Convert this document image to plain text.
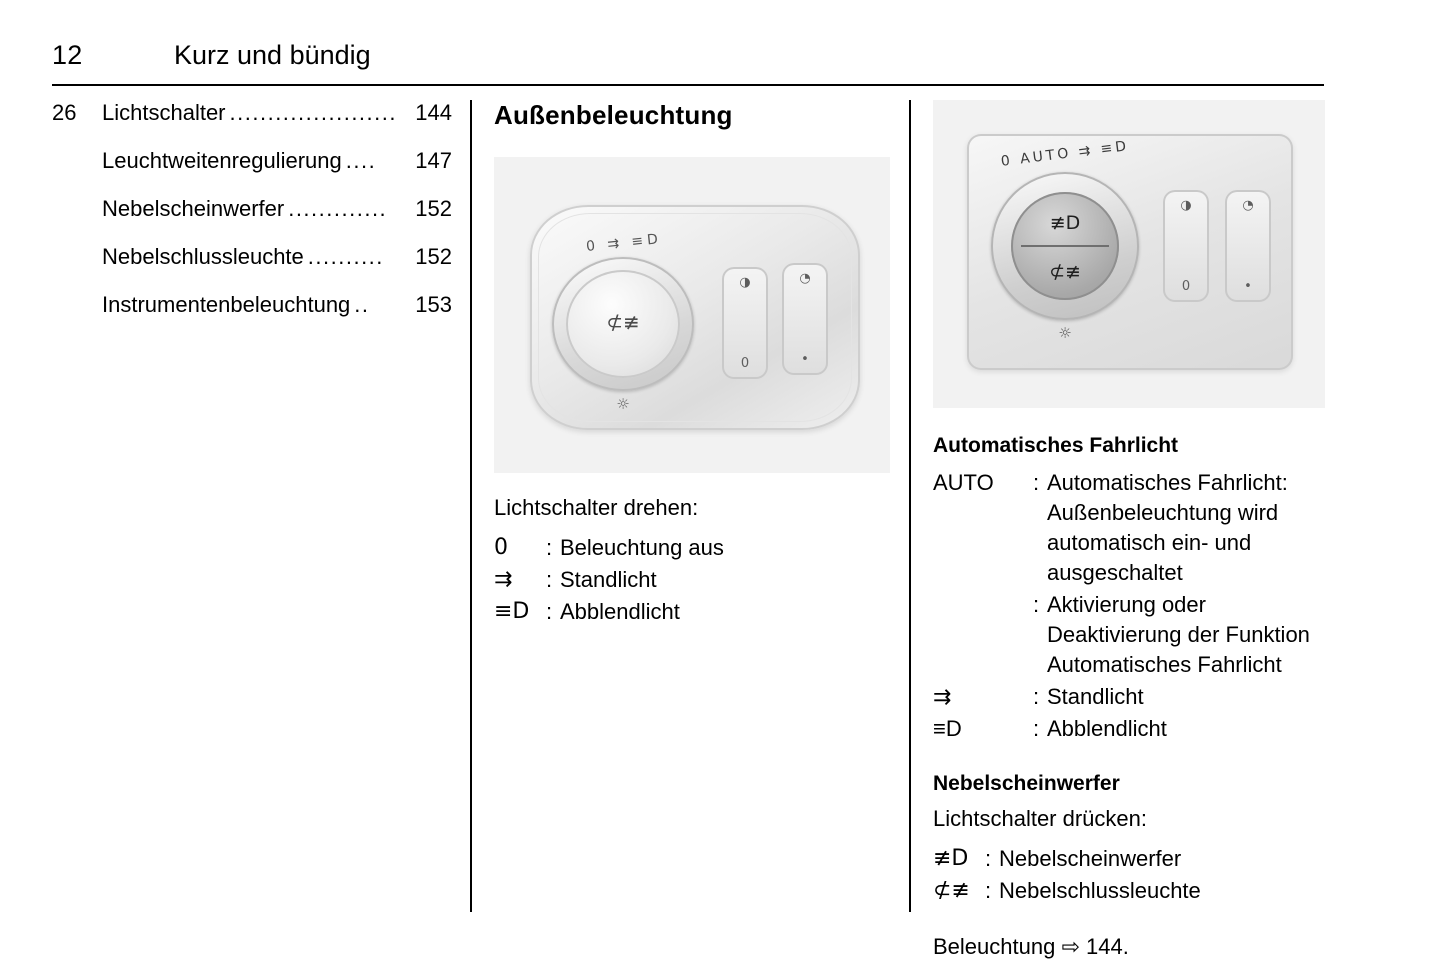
12	Kurz und bündig
26	Lichtschalter ...................... 144
Leuchtweitenregulierung ....	147
Nebelscheinwerfer .............	152
Nebelschlussleuchte ..........	152
Instrumentenbeleuchtung ..	153
Außenbeleuchtung
0 ⇉ ≡D
⊄≢
☼
◑
0
◔
•
Lichtschalter drehen:
0	: Beleuchtung aus
⇉	: Standlicht
≡D : Abblendlicht
0 AUTO ⇉ ≡D
≢D
⊄≢
☼
◑
0
◔
•
Automatisches Fahrlicht
AUTO	: Automatisches Fahrlicht: Außenbeleuchtung wird automatisch ein- und ausgeschaltet
: Aktivierung oder Deaktivierung der Funktion Automatisches Fahrlicht
⇉	: Standlicht
≡D	: Abblendlicht
Nebelscheinwerfer
Lichtschalter drücken:
≢D : Nebelscheinwerfer
⊄≢ : Nebelschlussleuchte
Beleuchtung ⇨ 144.
